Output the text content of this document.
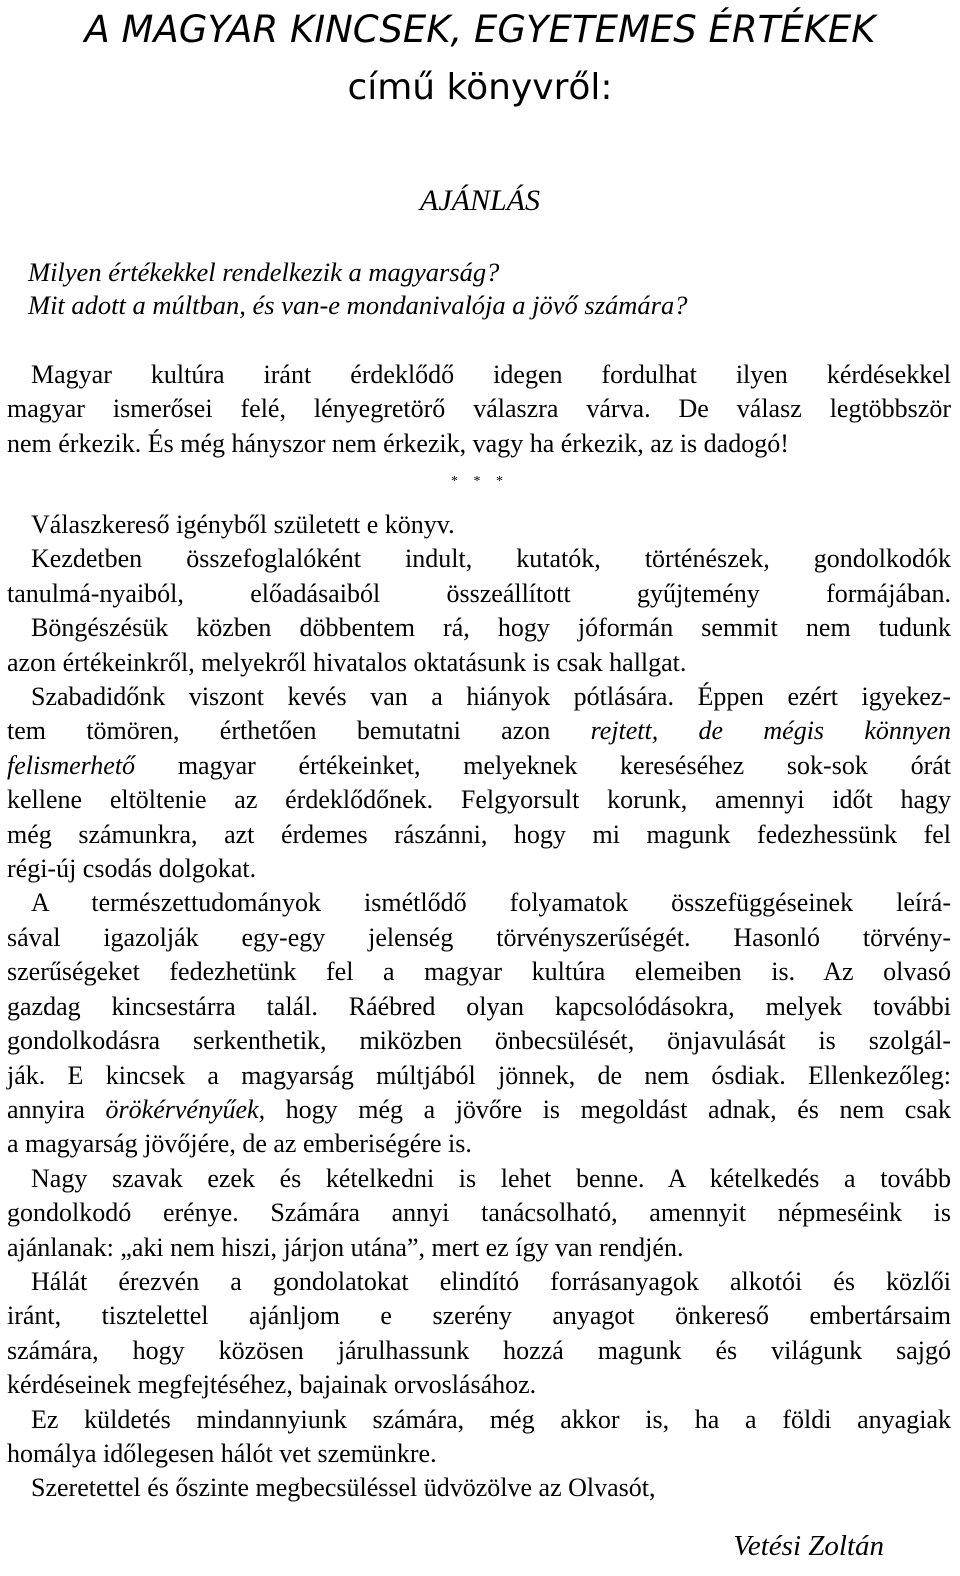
A MAGYAR KINCSEK, EGYETEMES ÉRTÉKEK
című könyvről:
AJÁNLÁS
Milyen értékekkel rendelkezik a magyarság?
Mit adott a múltban, és van-e mondanivalója a jövő számára?
Magyar kultúra iránt érdeklődő idegen fordulhat ilyen kérdésekkel
magyar ismerősei felé, lényegretörő válaszra várva. De válasz legtöbbször
nem érkezik. És még hányszor nem érkezik, vagy ha érkezik, az is dadogó!
* * *
Válaszkereső igényből született e könyv.
Kezdetben összefoglalóként indult, kutatók, történészek, gondolkodók
tanulmá-nyaiból, előadásaiból összeállított gyűjtemény formájában.
Böngészésük közben döbbentem rá, hogy jóformán semmit nem tudunk
azon értékeinkről, melyekről hivatalos oktatásunk is csak hallgat.
Szabadidőnk viszont kevés van a hiányok pótlására. Éppen ezért igyekez-
tem tömören, érthetően bemutatni azon rejtett, de mégis könnyen
felismerhető magyar értékeinket, melyeknek kereséséhez sok-sok órát
kellene eltöltenie az érdeklődőnek. Felgyorsult korunk, amennyi időt hagy
még számunkra, azt érdemes rászánni, hogy mi magunk fedezhessünk fel
régi-új csodás dolgokat.
A természettudományok ismétlődő folyamatok összefüggéseinek leírá-
sával igazolják egy-egy jelenség törvényszerűségét. Hasonló törvény-
szerűségeket fedezhetünk fel a magyar kultúra elemeiben is. Az olvasó
gazdag kincsestárra talál. Ráébred olyan kapcsolódásokra, melyek további
gondolkodásra serkenthetik, miközben önbecsülését, önjavulását is szolgál-
ják. E kincsek a magyarság múltjából jönnek, de nem ósdiak. Ellenkezőleg:
annyira örökérvényűek, hogy még a jövőre is megoldást adnak, és nem csak
a magyarság jövőjére, de az emberiségére is.
Nagy szavak ezek és kételkedni is lehet benne. A kételkedés a tovább
gondolkodó erénye. Számára annyi tanácsolható, amennyit népmeséink is
ajánlanak: „aki nem hiszi, járjon utána”, mert ez így van rendjén.
Hálát érezvén a gondolatokat elindító forrásanyagok alkotói és közlői
iránt, tisztelettel ajánljom e szerény anyagot önkereső embertársaim
számára, hogy közösen járulhassunk hozzá magunk és világunk sajgó
kérdéseinek megfejtéséhez, bajainak orvoslásához.
Ez küldetés mindannyiunk számára, még akkor is, ha a földi anyagiak
homálya időlegesen hálót vet szemünkre.
Szeretettel és őszinte megbecsüléssel üdvözölve az Olvasót,
Vetési Zoltán
